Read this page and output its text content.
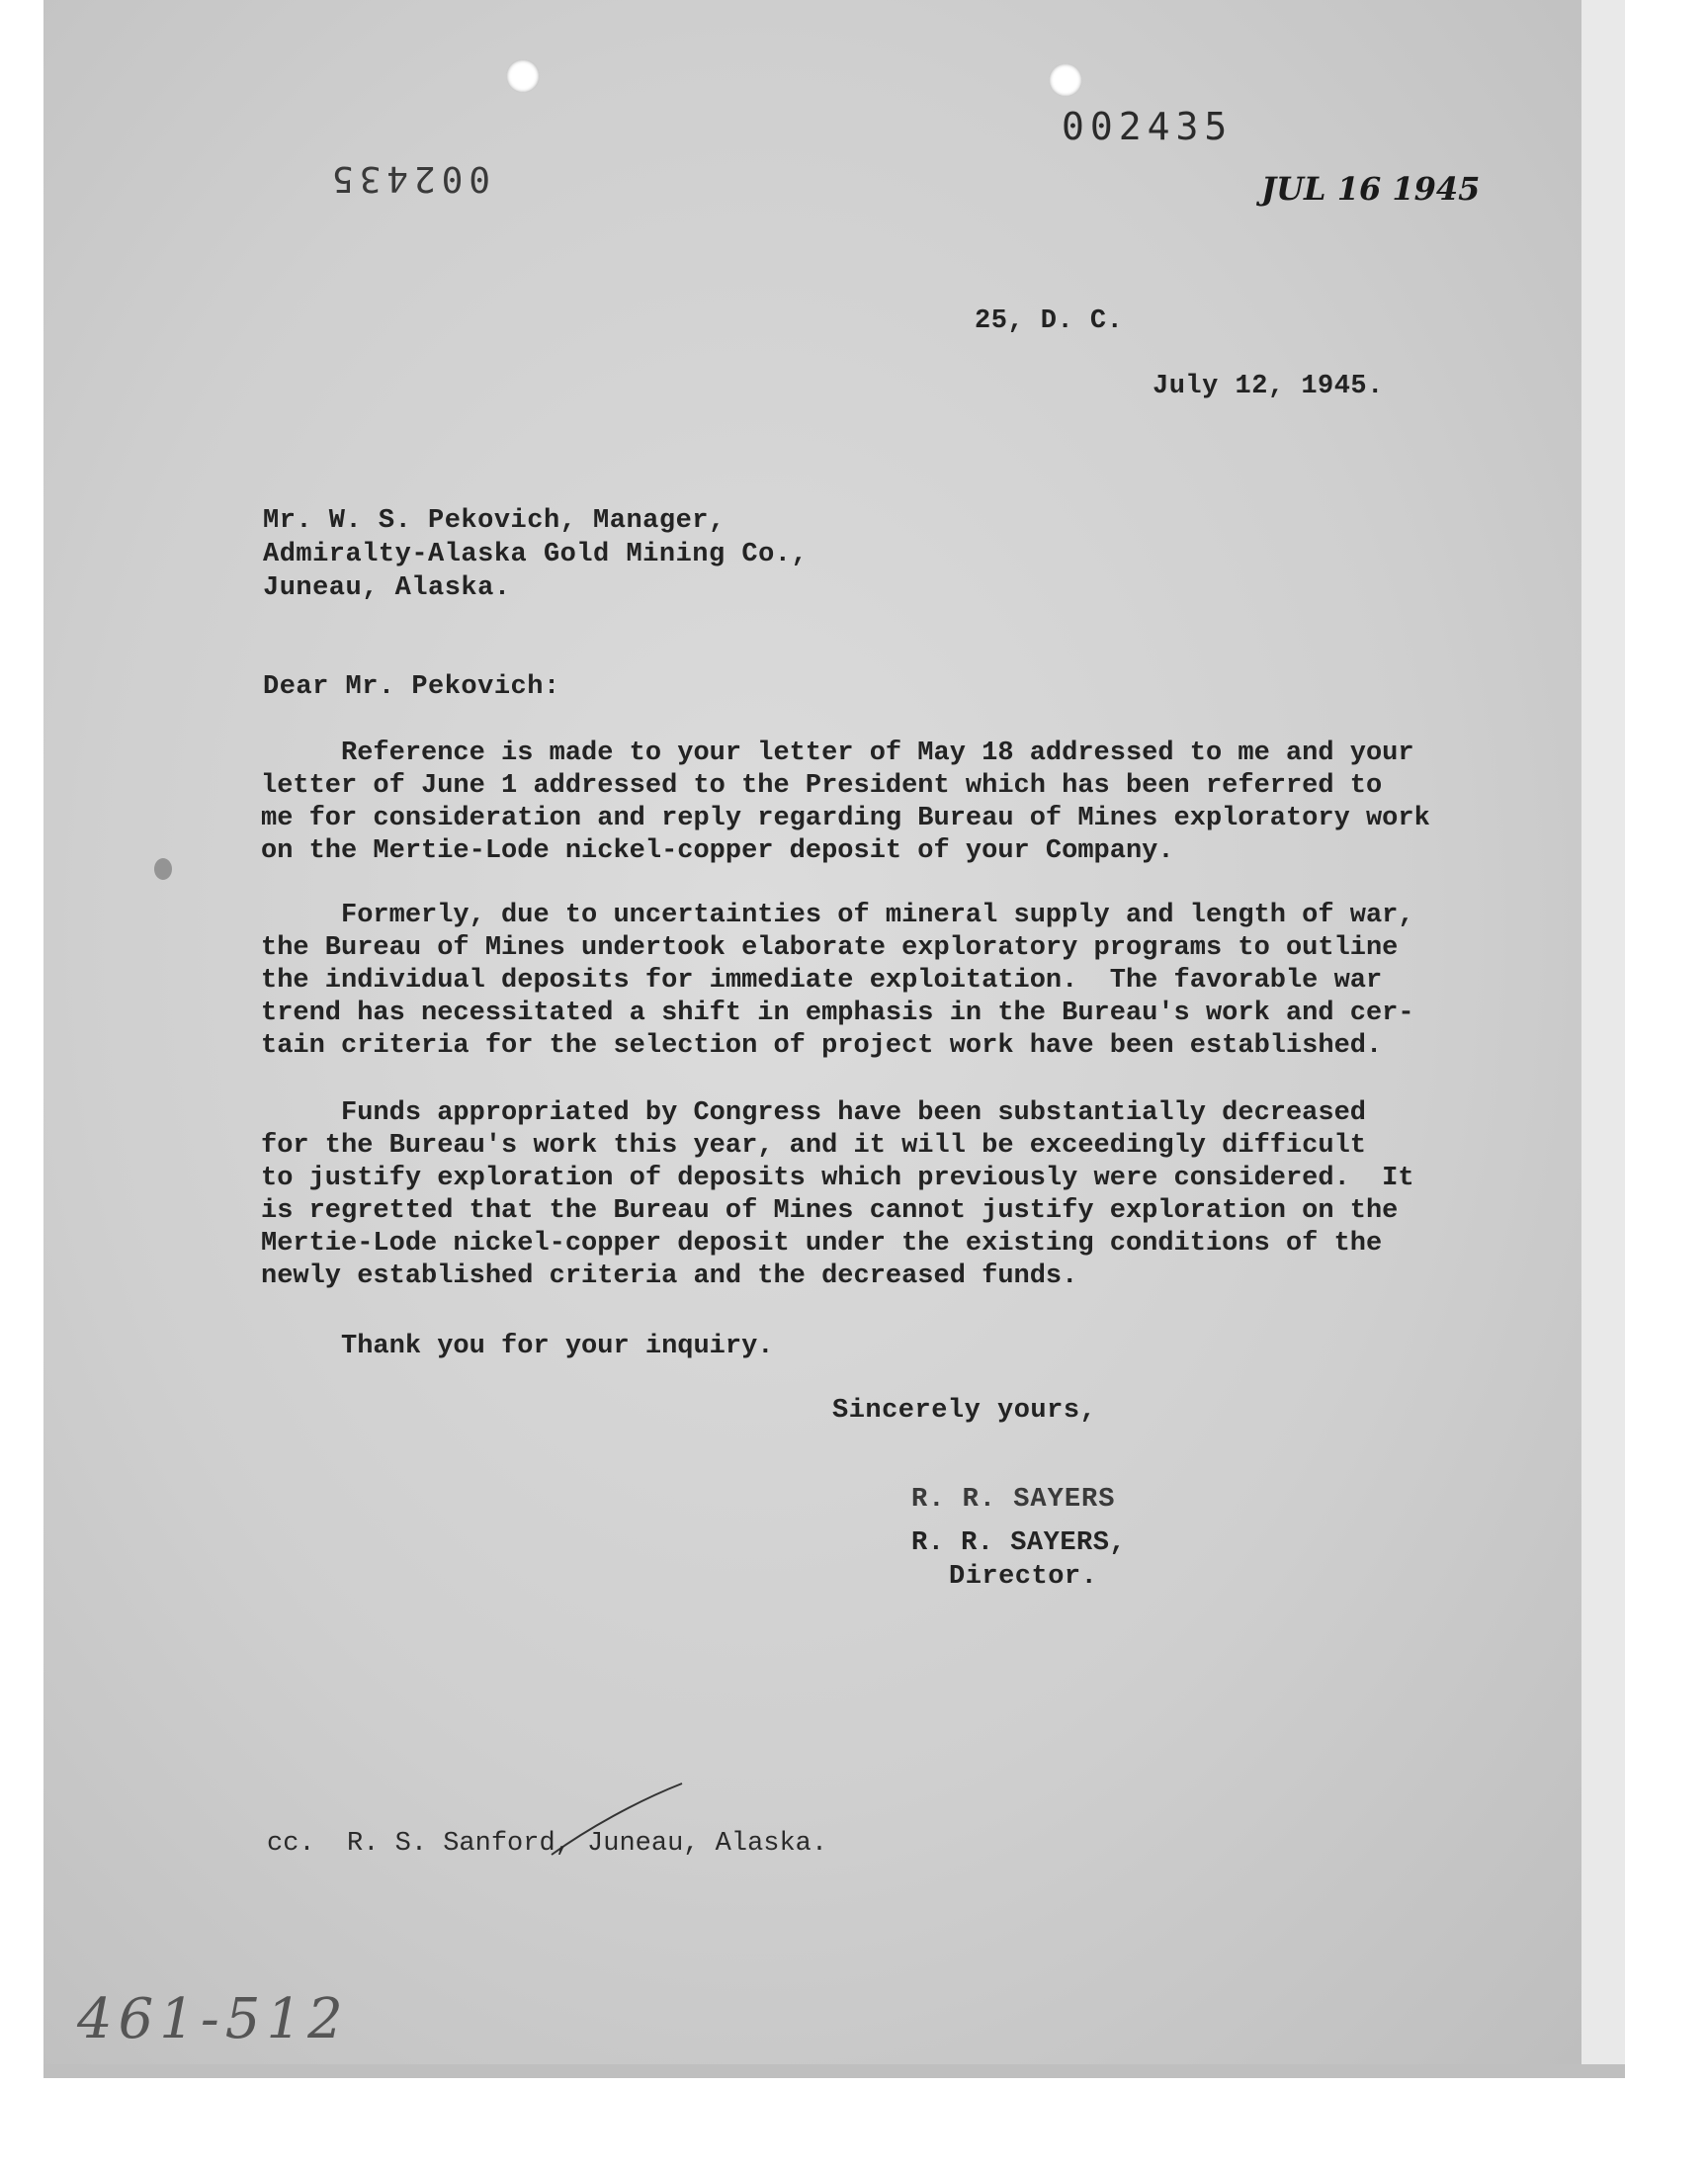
002435
002435
JUL 16 1945
25, D. C.
July 12, 1945.
Mr. W. S. Pekovich, Manager,
Admiralty-Alaska Gold Mining Co.,
Juneau, Alaska.
Dear Mr. Pekovich:
Reference is made to your letter of May 18 addressed to me and your
letter of June 1 addressed to the President which has been referred to
me for consideration and reply regarding Bureau of Mines exploratory work
on the Mertie-Lode nickel-copper deposit of your Company.
Formerly, due to uncertainties of mineral supply and length of war,
the Bureau of Mines undertook elaborate exploratory programs to outline
the individual deposits for immediate exploitation.  The favorable war
trend has necessitated a shift in emphasis in the Bureau's work and cer-
tain criteria for the selection of project work have been established.
Funds appropriated by Congress have been substantially decreased
for the Bureau's work this year, and it will be exceedingly difficult
to justify exploration of deposits which previously were considered.  It
is regretted that the Bureau of Mines cannot justify exploration on the
Mertie-Lode nickel-copper deposit under the existing conditions of the
newly established criteria and the decreased funds.
Thank you for your inquiry.
Sincerely yours,
R. R. SAYERS
R. R. SAYERS,
Director.
cc.  R. S. Sanford, Juneau, Alaska.
461-512
